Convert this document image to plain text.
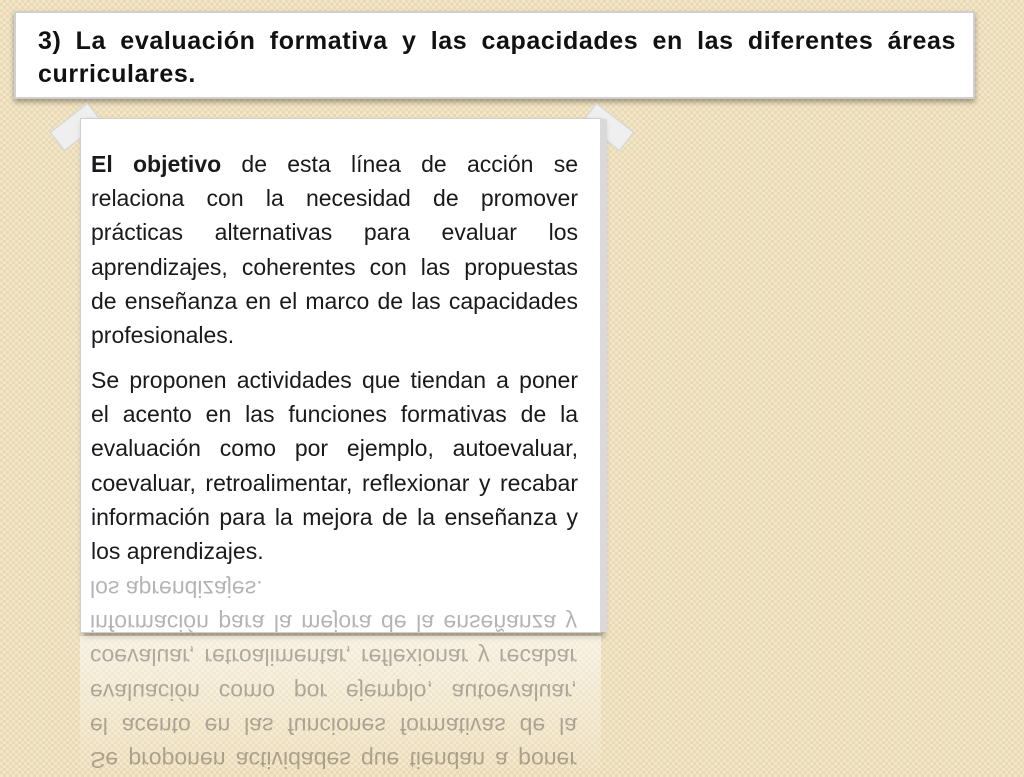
3) La evaluación formativa y las capacidades en las diferentes áreas curriculares.

El objetivo de esta línea de acción se relaciona con la necesidad de promover prácticas alternativas para evaluar los aprendizajes, coherentes con las propuestas de enseñanza en el marco de las capacidades profesionales.

Se proponen actividades que tiendan a poner el acento en las funciones formativas de la evaluación como por ejemplo, autoevaluar, coevaluar, retroalimentar, reflexionar y recabar información para la mejora de la enseñanza y los aprendizajes.

Se proponen actividades que tiendan a poner el acento en las funciones formativas de la evaluación como por ejemplo, autoevaluar, coevaluar, retroalimentar, reflexionar y recabar información para la mejora de la enseñanza y los aprendizajes.
